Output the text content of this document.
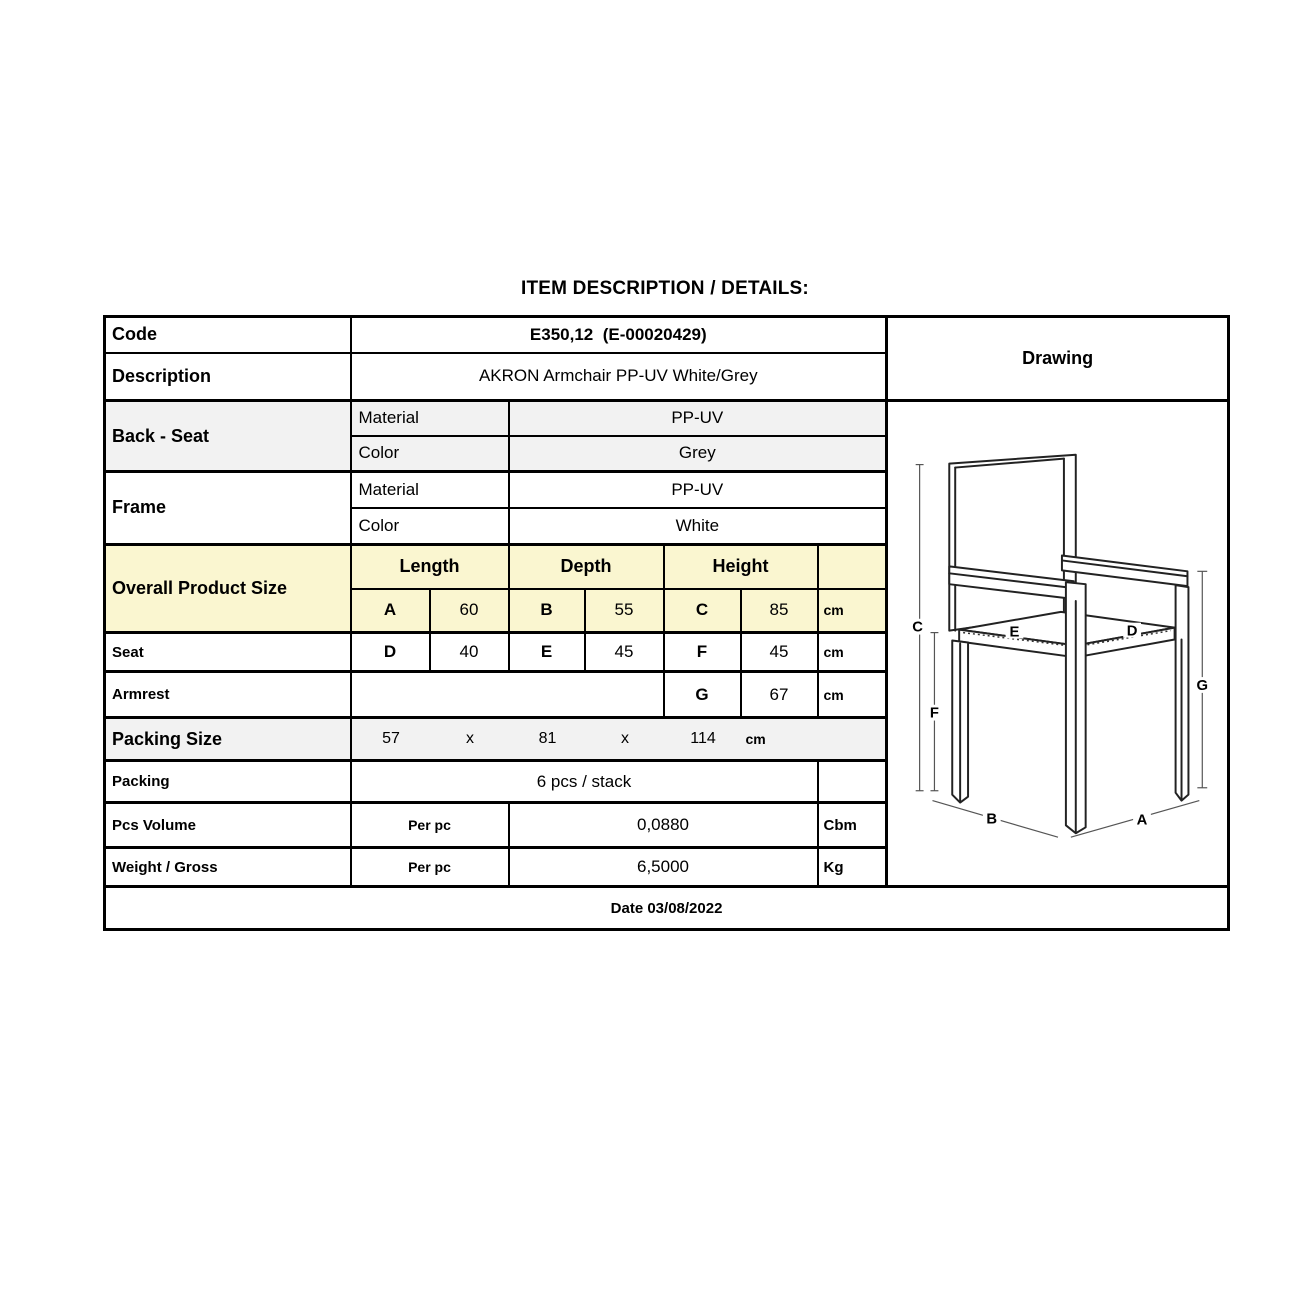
ITEM DESCRIPTION / DETAILS:
Code	E350,12  (E-00020429)							Drawing
Description	AKRON Armchair PP-UV White/Grey							
Back - Seat	Material	PP-UV	
C
F
G
B	A
E	D

	Color		Grey					
Frame	Material		PP-UV					
	Color		White					
Overall Product Size	Length		Depth		Height			
	A	60	B	55	C	85	cm	
Seat	D	40	E	45	F	45	cm	
Armrest					G	67	cm	
Packing Size	57	x	81	x	114	cm

Packing	6 pcs / stack							
Pcs Volume	Per pc		0,0880				Cbm	
Weight / Gross	Per pc		6,5000				Kg	
Date 03/08/2022								
